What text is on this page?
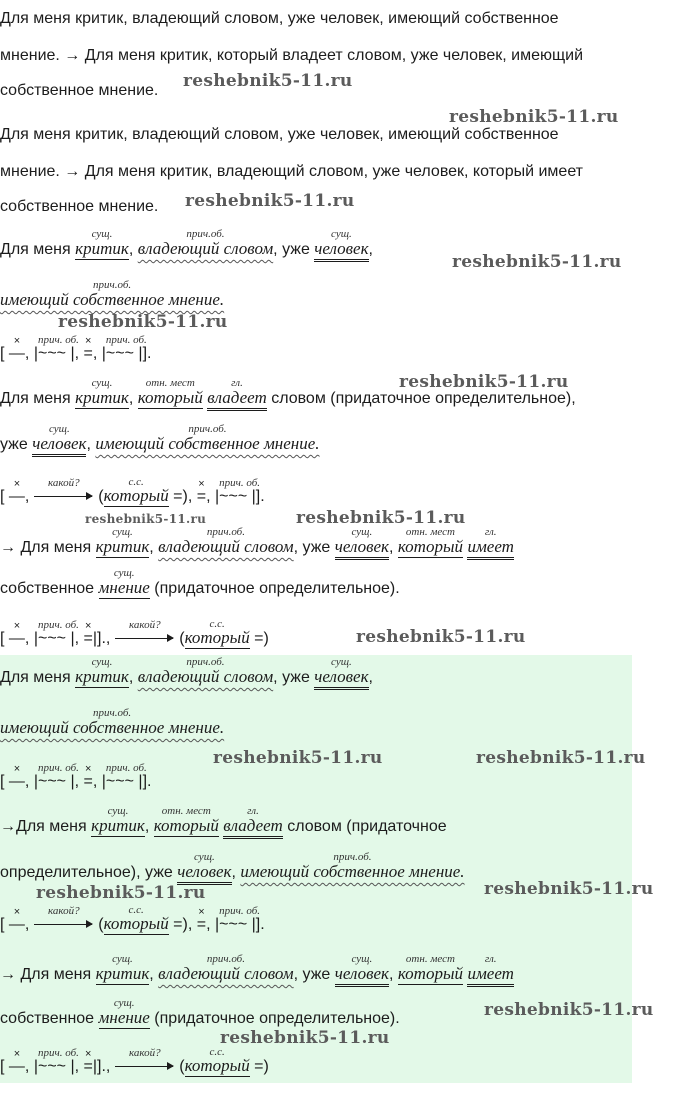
Для меня критик, владеющий словом, уже человек, имеющий собственное
мнение. → Для меня критик, который владеет словом, уже человек, имеющий
собственное мнение. reshebnik5-11.ru
reshebnik5-11.ru
Для меня критик, владеющий словом, уже человек, имеющий собственное
мнение. → Для меня критик, владеющий словом, уже человек, который имеет
собственное мнение. reshebnik5-11.ru
Для меня
сущ.
критик,
прич.об.
владеющий словом, уже
сущ.
человек,
reshebnik5-11.ru
прич.об.
имеющий собственное мнение.
reshebnik5-11.ru
[
×
—, |
прич. об.
~~~ |,
×
=, |
прич. об.
~~~ |].
reshebnik5-11.ru
Для меня
сущ.
критик,
отн. мест
который
гл.
владеет словом (придаточное определительное),
уже
сущ.
человек,
прич.об.
имеющий собственное мнение.
[
×
—,
какой?
(
с.с.
который =),
×
=, |
прич. об.
~~~ |].
reshebnik5-11.ru	reshebnik5-11.ru
→ Для меня
сущ.
критик,
прич.об.
владеющий словом, уже
сущ.
человек,
отн. мест
который
гл.
имеет
собственное
сущ.
мнение (придаточное определительное).
[
×
—, |
прич. об.
~~~ |,
×
=|].,
какой?
(
с.с.
который =)	reshebnik5-11.ru
Для меня
сущ.
критик,
прич.об.
владеющий словом, уже
сущ.
человек,
прич.об.
имеющий собственное мнение.
[
×
—, |
прич. об.
~~~ |,
×
=, |
прич. об.
~~~ |].
reshebnik5-11.ru	reshebnik5-11.ru
→Для меня
сущ.
критик,
отн. мест
который
гл.
владеет словом (придаточное
определительное), уже
сущ.
человек,
прич.об.
имеющий собственное мнение.
reshebnik5-11.ru	reshebnik5-11.ru
[
×
—,
какой?
(
с.с.
который =),
×
=, |
прич. об.
~~~ |].
→ Для меня
сущ.
критик,
прич.об.
владеющий словом, уже
сущ.
человек,
отн. мест
который
гл.
имеет
собственное
сущ.
мнение (придаточное определительное).	reshebnik5-11.ru
reshebnik5-11.ru
[
×
—, |
прич. об.
~~~ |,
×
=|].,
какой?
(
с.с.
который =)
